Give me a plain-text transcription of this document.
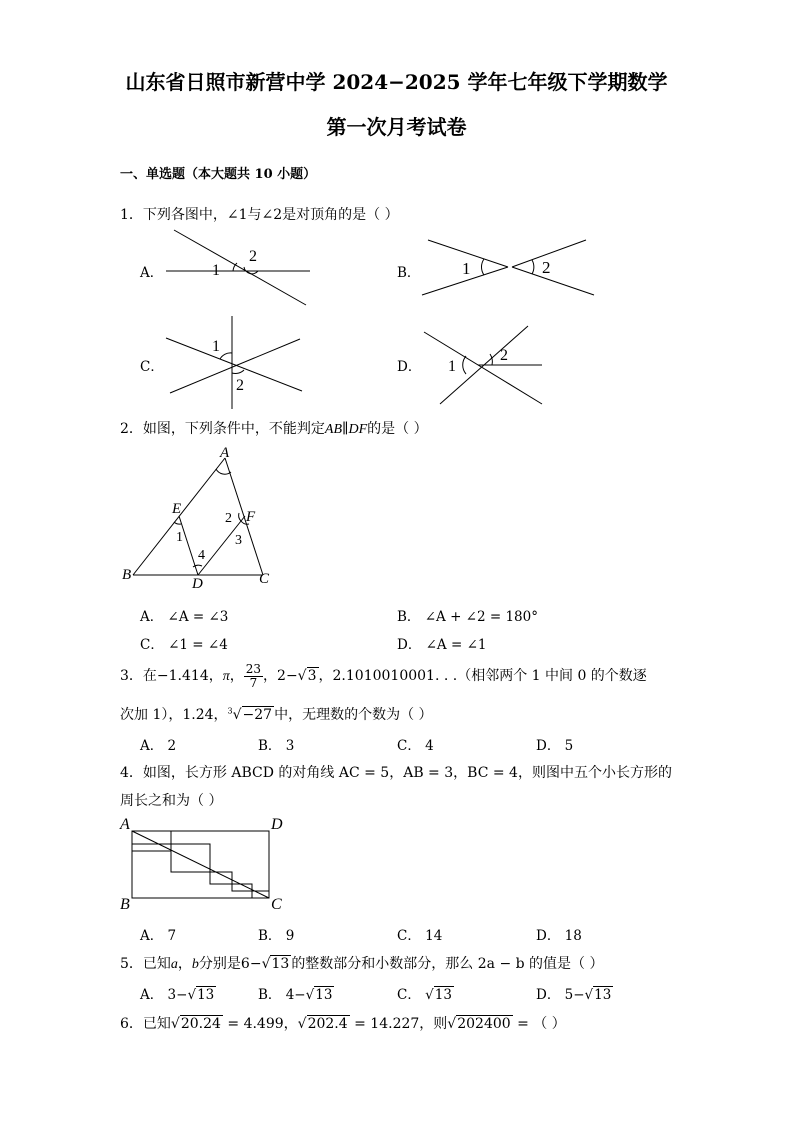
山东省日照市新营中学 2024−2025 学年七年级下学期数学
第一次月考试卷
一、单选题（本大题共 10 小题）
1．下列各图中，∠1与∠2是对顶角的是（ ）
A．	B．
C．	D．
1
2
1	2
1
2
1
2
2．如图，下列条件中，不能判定AB∥DF的是（ ）
A
B	C
D
E	F
1
2
3
4
A． ∠A = ∠3	B． ∠A + ∠2 = 180°
C． ∠1 = ∠4	D． ∠A = ∠1
3．在−1.414，π， $\frac{23}{7}$ ，2−√3 ，2.1010010001. . .（相邻两个 1 中间 0 的个数逐
次加 1），1.2̇4̇，$^3$√−27 中，无理数的个数为（ ）
A． 2	B． 3	C． 4	D． 5
4．如图，长方形 ABCD 的对角线 AC = 5，AB = 3，BC = 4，则图中五个小长方形的
周长之和为（ ）
A
B	C
D
A． 7	B． 9	C． 14	D． 18
5．已知a，b分别是6−√13 的整数部分和小数部分，那么 2a − b 的值是（ ）
A． 3−√13	B． 4−√13	C． √13	D． 5−√13
6．已知√20.24 = 4.499，√202.4 = 14.227，则√202400 = （ ）
